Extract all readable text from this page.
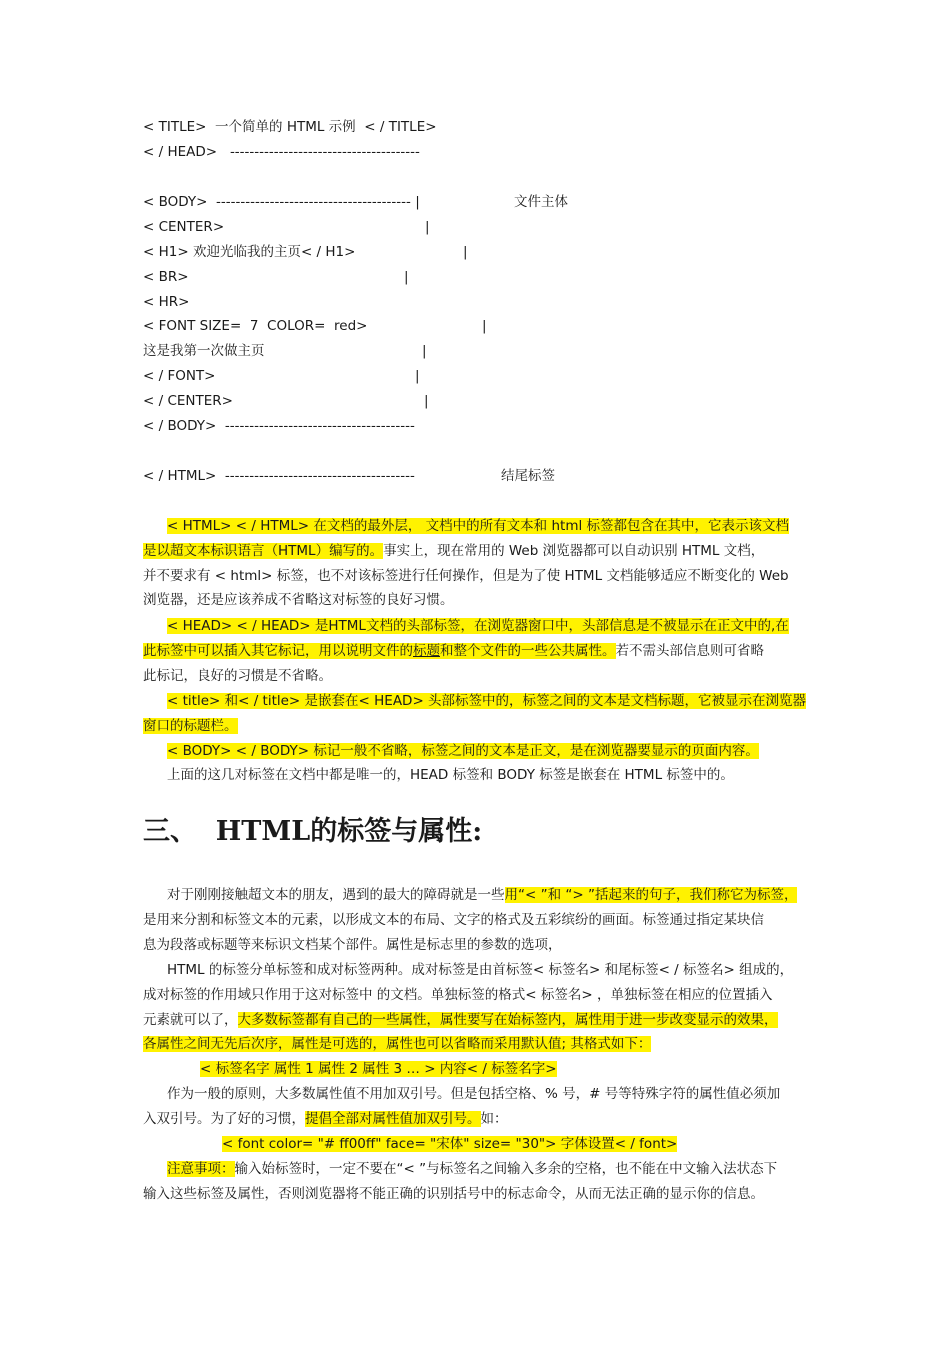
< TITLE>  一个简单的 HTML 示例  < / TITLE>
< / HEAD>   ---------------------------------------
< BODY>  ---------------------------------------- |	文件主体
< CENTER>	|
< H1> 欢迎光临我的主页< / H1>	|
< BR>	|
< HR>
< FONT SIZE=  7  COLOR=  red>	|
这是我第一次做主页	|
< / FONT>	|
< / CENTER>	|
< / BODY>  ---------------------------------------
< / HTML>  ---------------------------------------	结尾标签
< HTML> < / HTML> 在文档的最外层， 文档中的所有文本和 html 标签都包含在其中，它表示该文档
是以超文本标识语言（HTML）编写的。事实上，现在常用的 Web 浏览器都可以自动识别 HTML 文档，
并不要求有 < html> 标签，也不对该标签进行任何操作，但是为了使 HTML 文档能够适应不断变化的 Web
浏览器，还是应该养成不省略这对标签的良好习惯。
< HEAD> < / HEAD> 是HTML文档的头部标签，在浏览器窗口中，头部信息是不被显示在正文中的,在
此标签中可以插入其它标记，用以说明文件的标题和整个文件的一些公共属性。若不需头部信息则可省略
此标记，良好的习惯是不省略。
< title> 和< / title> 是嵌套在< HEAD> 头部标签中的，标签之间的文本是文档标题，它被显示在浏览器
窗口的标题栏。
< BODY> < / BODY> 标记一般不省略，标签之间的文本是正文，是在浏览器要显示的页面内容。
上面的这几对标签在文档中都是唯一的，HEAD 标签和 BODY 标签是嵌套在 HTML 标签中的。
三、  HTML的标签与属性:
对于刚刚接触超文本的朋友，遇到的最大的障碍就是一些用“< ”和 “> ”括起来的句子，我们称它为标签，
是用来分割和标签文本的元素，以形成文本的布局、文字的格式及五彩缤纷的画面。标签通过指定某块信
息为段落或标题等来标识文档某个部件。属性是标志里的参数的选项，
HTML 的标签分单标签和成对标签两种。成对标签是由首标签< 标签名> 和尾标签< / 标签名> 组成的，
成对标签的作用域只作用于这对标签中 的文档。单独标签的格式< 标签名> ，单独标签在相应的位置插入
元素就可以了，大多数标签都有自己的一些属性，属性要写在始标签内，属性用于进一步改变显示的效果，
各属性之间无先后次序，属性是可选的，属性也可以省略而采用默认值; 其格式如下：
< 标签名字 属性 1 属性 2 属性 3 … > 内容< / 标签名字>
作为一般的原则，大多数属性值不用加双引号。但是包括空格、% 号，# 号等特殊字符的属性值必须加
入双引号。为了好的习惯，提倡全部对属性值加双引号。如：
< font color= "# ff00ff" face= "宋体" size= "30"> 字体设置< / font>
注意事项：输入始标签时，一定不要在“< ”与标签名之间输入多余的空格，也不能在中文输入法状态下
输入这些标签及属性，否则浏览器将不能正确的识别括号中的标志命令，从而无法正确的显示你的信息。
